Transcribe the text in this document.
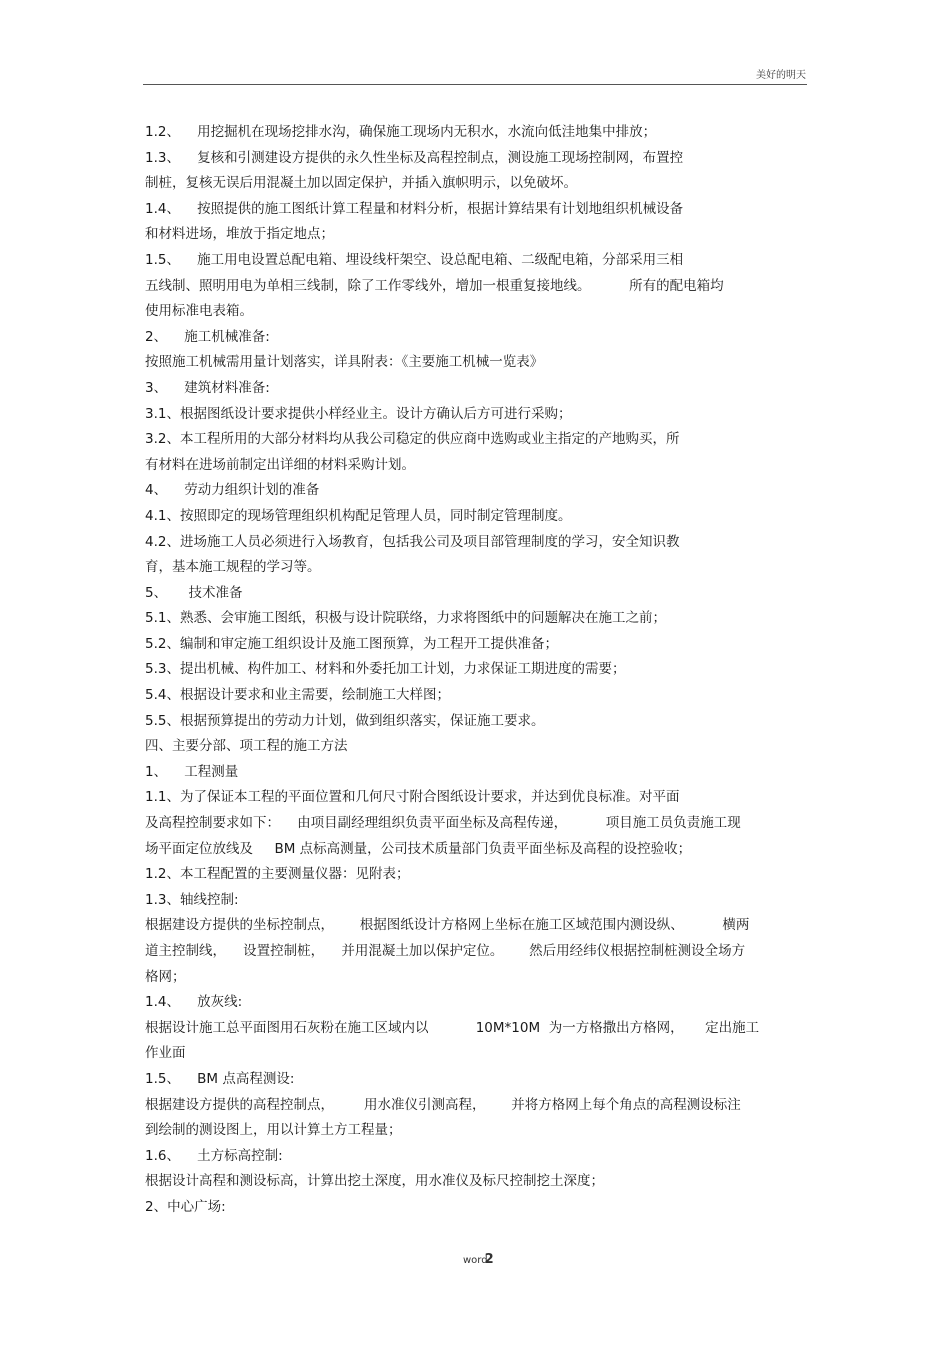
美好的明天
1.2、    用挖掘机在现场挖排水沟，确保施工现场内无积水，水流向低洼地集中排放；
1.3、    复核和引测建设方提供的永久性坐标及高程控制点，测设施工现场控制网，布置控
制桩，复核无误后用混凝土加以固定保护，并插入旗帜明示，以免破坏。
1.4、    按照提供的施工图纸计算工程量和材料分析，根据计算结果有计划地组织机械设备
和材料进场，堆放于指定地点；
1.5、    施工用电设置总配电箱、埋设线杆架空、设总配电箱、二级配电箱，分部采用三相
五线制、照明用电为单相三线制，除了工作零线外，增加一根重复接地线。         所有的配电箱均
使用标准电表箱。
2、    施工机械准备:
按照施工机械需用量计划落实，详具附表：《主要施工机械一览表》
3、    建筑材料准备:
3.1、根据图纸设计要求提供小样经业主。设计方确认后方可进行采购；
3.2、本工程所用的大部分材料均从我公司稳定的供应商中选购或业主指定的产地购买，所
有材料在进场前制定出详细的材料采购计划。
4、    劳动力组织计划的准备
4.1、按照即定的现场管理组织机构配足管理人员，同时制定管理制度。
4.2、进场施工人员必须进行入场教育，包括我公司及项目部管理制度的学习，安全知识教
育，基本施工规程的学习等。
5、     技术准备
5.1、熟悉、会审施工图纸，积极与设计院联络，力求将图纸中的问题解决在施工之前；
5.2、编制和审定施工组织设计及施工图预算，为工程开工提供准备；
5.3、提出机械、构件加工、材料和外委托加工计划，力求保证工期进度的需要；
5.4、根据设计要求和业主需要，绘制施工大样图；
5.5、根据预算提出的劳动力计划，做到组织落实，保证施工要求。
四、主要分部、项工程的施工方法
1、    工程测量
1.1、为了保证本工程的平面位置和几何尺寸附合图纸设计要求，并达到优良标准。对平面
及高程控制要求如下：    由项目副经理组织负责平面坐标及高程传递，         项目施工员负责施工现
场平面定位放线及     BM 点标高测量，公司技术质量部门负责平面坐标及高程的设控验收；
1.2、本工程配置的主要测量仪器：见附表；
1.3、轴线控制:
根据建设方提供的坐标控制点，      根据图纸设计方格网上坐标在施工区域范围内测设纵、         横两
道主控制线，    设置控制桩，    并用混凝土加以保护定位。      然后用经纬仪根据控制桩测设全场方
格网；
1.4、    放灰线:
根据设计施工总平面图用石灰粉在施工区域内以           10M*10M  为一方格撒出方格网，     定出施工
作业面
1.5、    BM 点高程测设:
根据建设方提供的高程控制点，       用水准仪引测高程，      并将方格网上每个角点的高程测设标注
到绘制的测设图上，用以计算土方工程量；
1.6、    土方标高控制:
根据设计高程和测设标高，计算出挖土深度，用水准仪及标尺控制挖土深度；
2、中心广场:
word2
